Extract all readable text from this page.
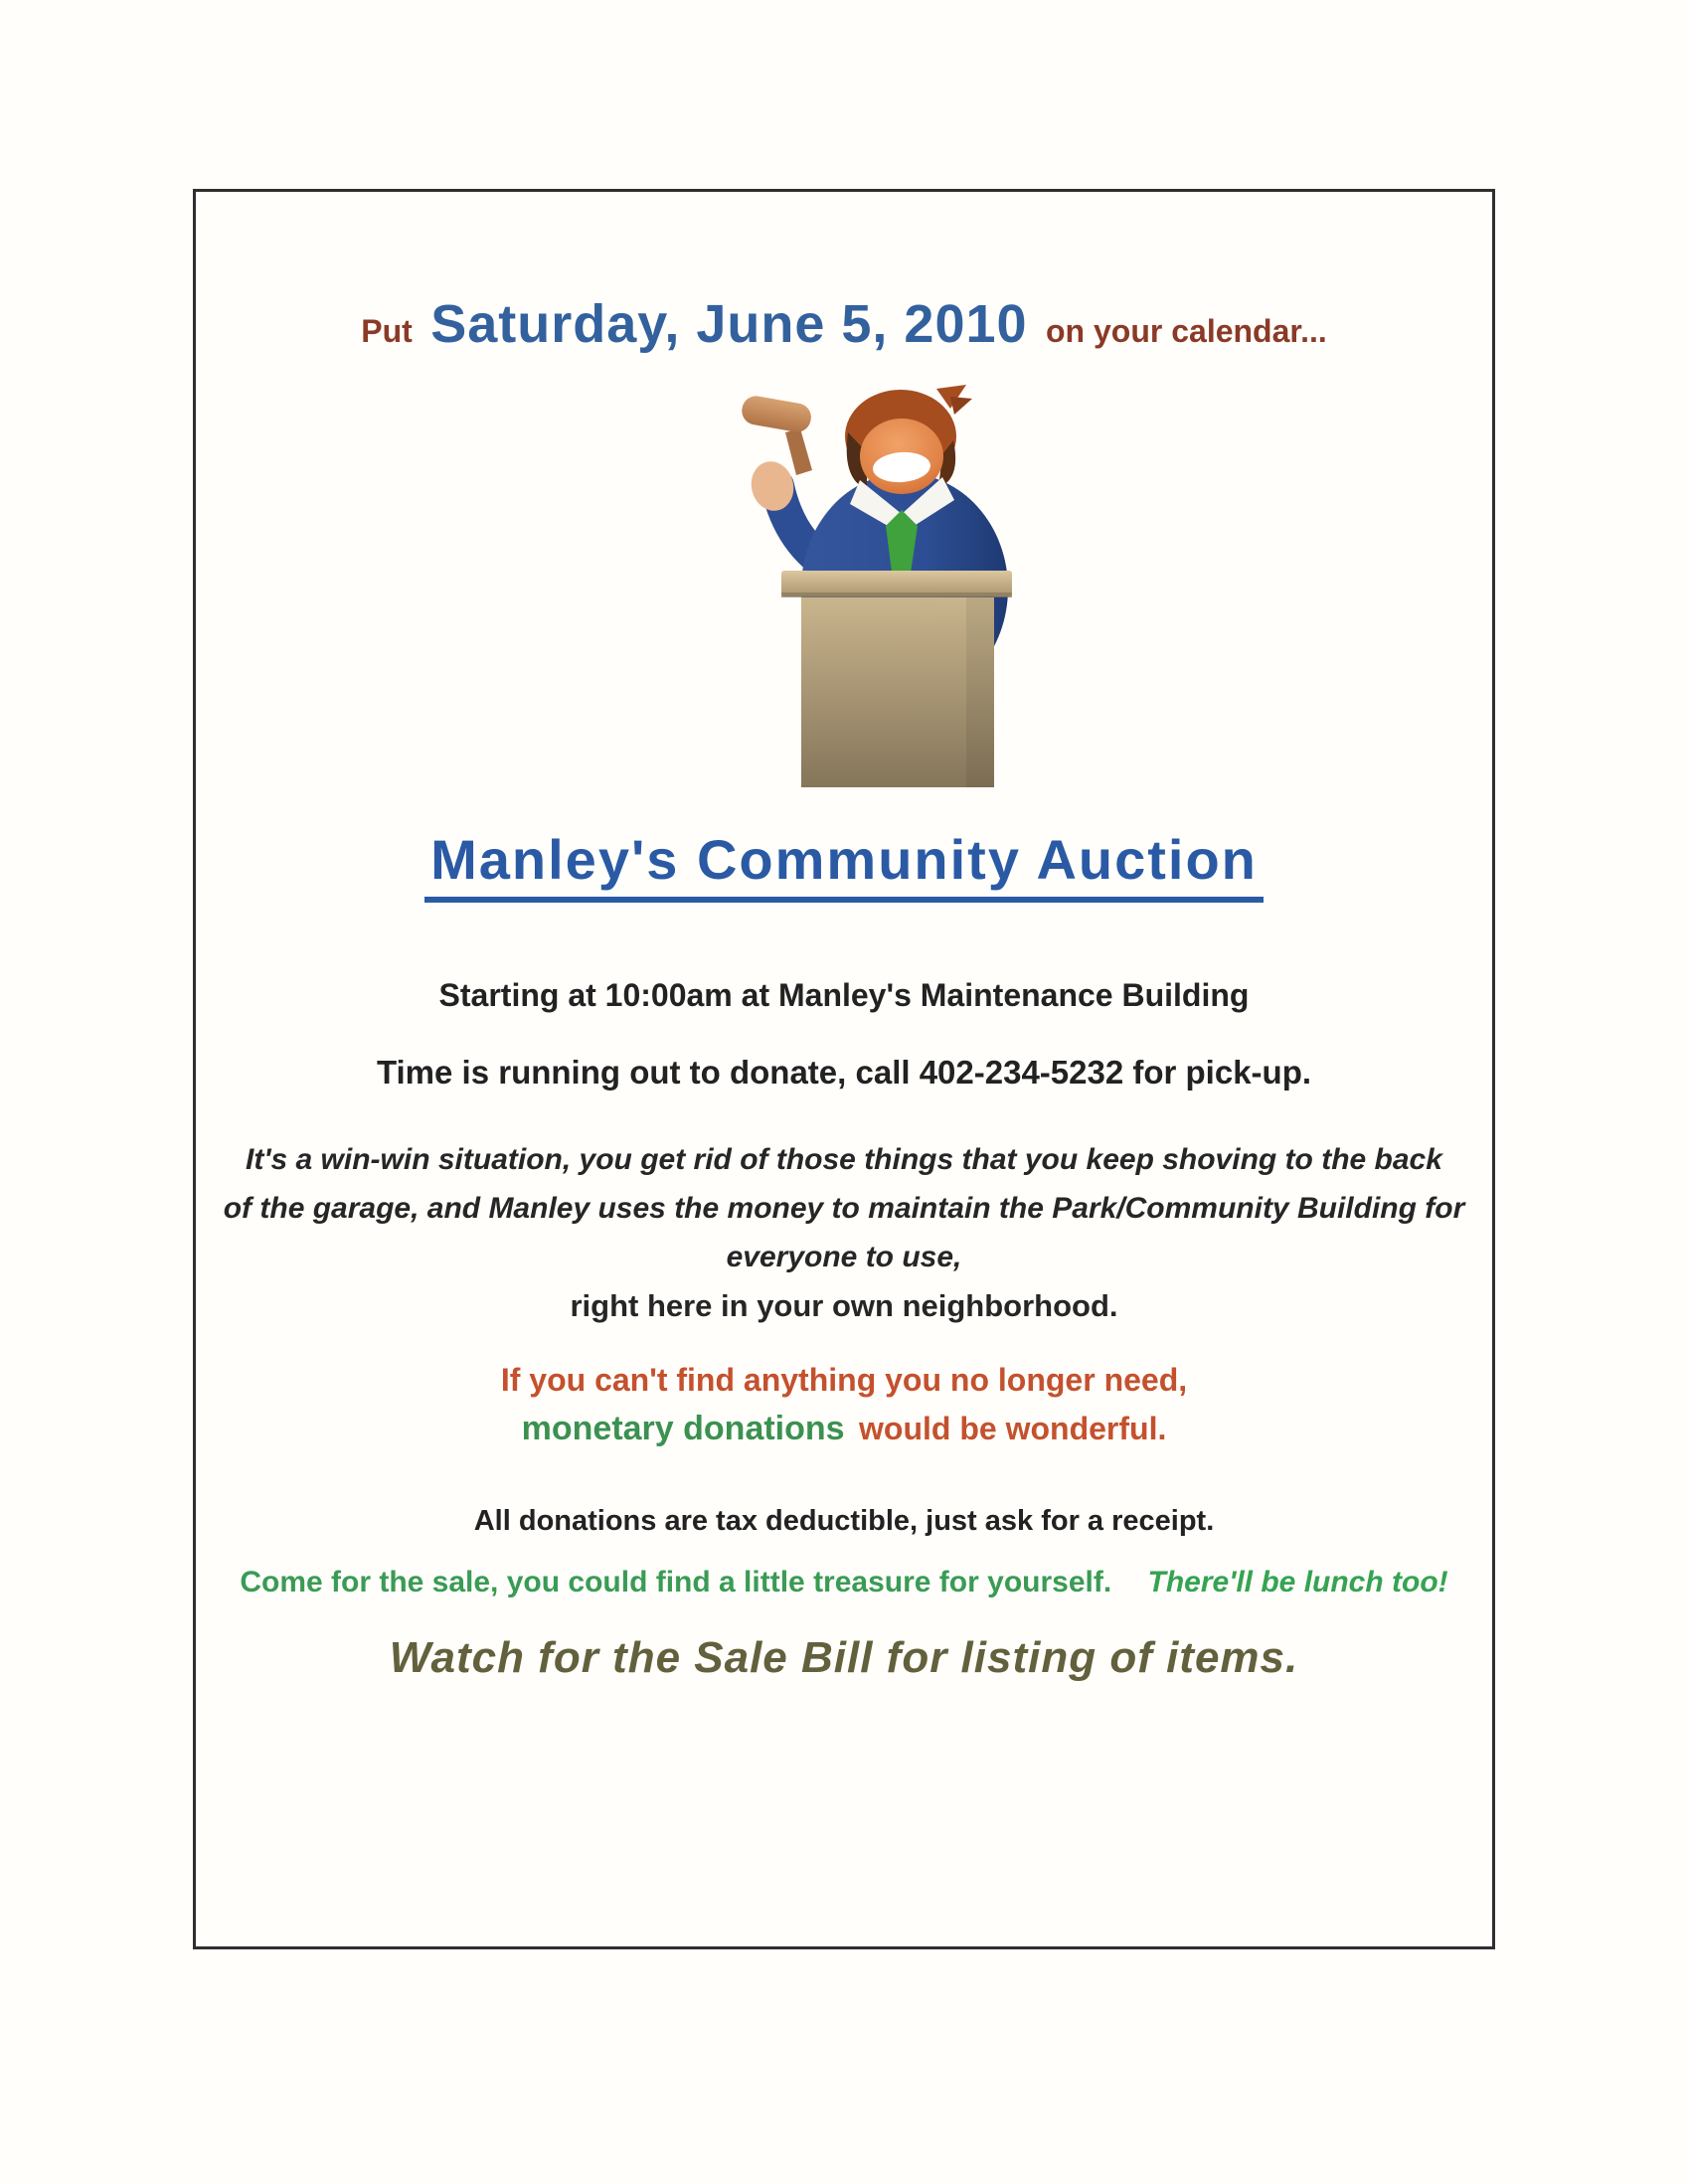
Put Saturday, June 5, 2010 on your calendar...
Manley's Community Auction
Starting at 10:00am at Manley's Maintenance Building
Time is running out to donate, call 402-234-5232 for pick-up.
It's a win-win situation, you get rid of those things that you keep shoving to the back
of the garage, and Manley uses the money to maintain the Park/Community Building for
everyone to use,
right here in your own neighborhood.
If you can't find anything you no longer need,
monetary donations would be wonderful.
All donations are tax deductible, just ask for a receipt.
Come for the sale, you could find a little treasure for yourself. There'll be lunch too!
Watch for the Sale Bill for listing of items.
